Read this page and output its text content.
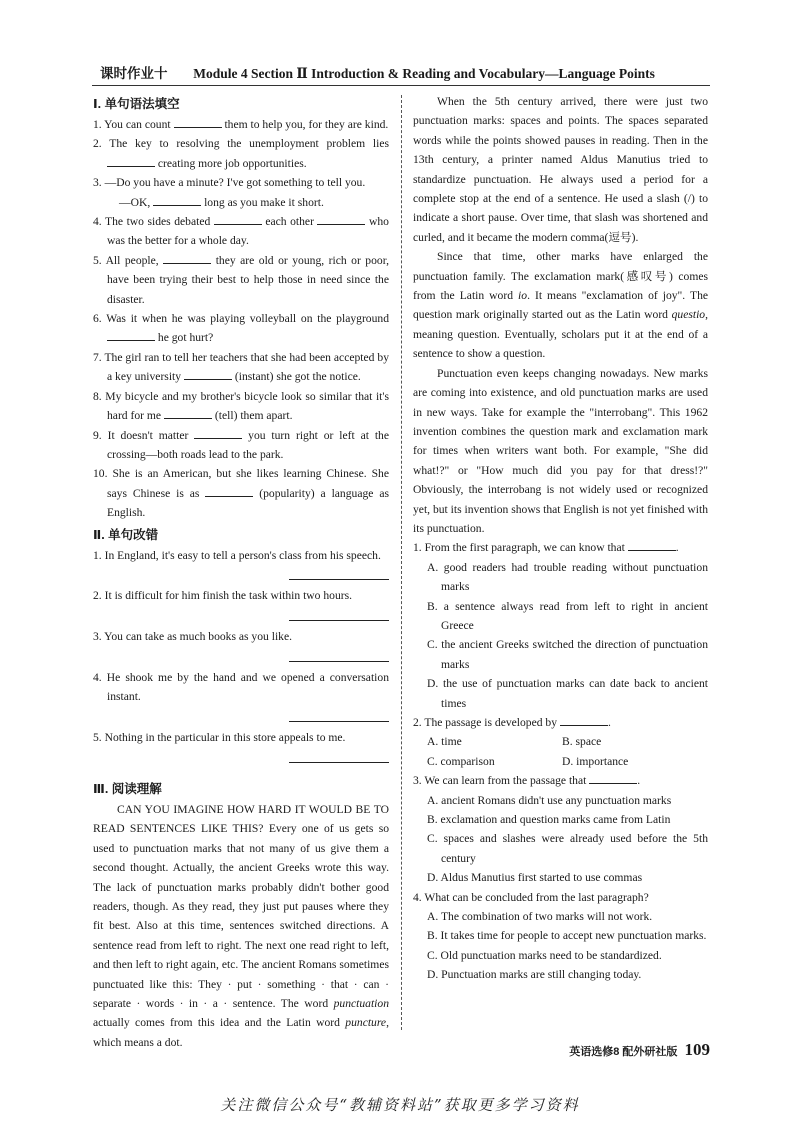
课时作业十 Module 4 Section Ⅱ Introduction & Reading and Vocabulary—Language Points
Ⅰ. 单句语法填空
1. You can count	them to help you, for they are kind.
2. The key to resolving the unemployment problem lies  creating more job opportunities.
3. —Do you have a minute? I've got something to tell you.
—OK,	long as you make it short.
4. The two sides debated	each other	who was the better for a whole day.
5. All people,	they are old or young, rich or poor, have been trying their best to help those in need since the disaster.
6. Was it when he was playing volleyball on the playground  he got hurt?
7. The girl ran to tell her teachers that she had been accepted by a key university	(instant) she got the notice.
8. My bicycle and my brother's bicycle look so similar that it's hard for me	(tell) them apart.
9. It doesn't matter	you turn right or left at the crossing—both roads lead to the park.
10. She is an American, but she likes learning Chinese. She says Chinese is as	(popularity) a language as English.
Ⅱ. 单句改错
1. In England, it's easy to tell a person's class from his speech.
2. It is difficult for him finish the task within two hours.
3. You can take as much books as you like.
4. He shook me by the hand and we opened a conversation instant.
5. Nothing in the particular in this store appeals to me.
Ⅲ. 阅读理解
CAN YOU IMAGINE HOW HARD IT WOULD BE TO READ SENTENCES LIKE THIS? Every one of us gets so used to punctuation marks that not many of us give them a second thought. Actually, the ancient Greeks wrote this way. The lack of punctuation marks probably didn't bother good readers, though. As they read, they just put pauses where they fit best. Also at this time, sentences switched directions. A sentence read from left to right. The next one read right to left, and then left to right again, etc. The ancient Romans sometimes punctuated like this: They · put · something · that · can · separate · words · in · a · sentence. The word punctuation actually comes from this idea and the Latin word puncture, which means a dot.
When the 5th century arrived, there were just two punctuation marks: spaces and points. The spaces separated words while the points showed pauses in reading. Then in the 13th century, a printer named Aldus Manutius tried to standardize punctuation. He always used a period for a complete stop at the end of a sentence. He used a slash (/) to indicate a short pause. Over time, that slash was shortened and curled, and it became the modern comma(逗号).
Since that time, other marks have enlarged the punctuation family. The exclamation mark(感叹号) comes from the Latin word io. It means "exclamation of joy". The question mark originally started out as the Latin word questio, meaning question. Eventually, scholars put it at the end of a sentence to show a question.
Punctuation even keeps changing nowadays. New marks are coming into existence, and old punctuation marks are used in new ways. Take for example the "interrobang". This 1962 invention combines the question mark and exclamation mark for times when writers want both. For example, "She did what!?" or "How much did you pay for that dress!?" Obviously, the interrobang is not widely used or recognized yet, but its invention shows that English is not yet finished with its punctuation.
1. From the first paragraph, we can know that	.
A. good readers had trouble reading without punctuation marks
B. a sentence always read from left to right in ancient Greece
C. the ancient Greeks switched the direction of punctuation marks
D. the use of punctuation marks can date back to ancient times
2. The passage is developed by	.
A. time	B. space
C. comparison	D. importance
3. We can learn from the passage that	.
A. ancient Romans didn't use any punctuation marks
B. exclamation and question marks came from Latin
C. spaces and slashes were already used before the 5th century
D. Aldus Manutius first started to use commas
4. What can be concluded from the last paragraph?
A. The combination of two marks will not work.
B. It takes time for people to accept new punctuation marks.
C. Old punctuation marks need to be standardized.
D. Punctuation marks are still changing today.
英语选修8 配外研社版 109
关注微信公众号“教辅资料站”获取更多学习资料
